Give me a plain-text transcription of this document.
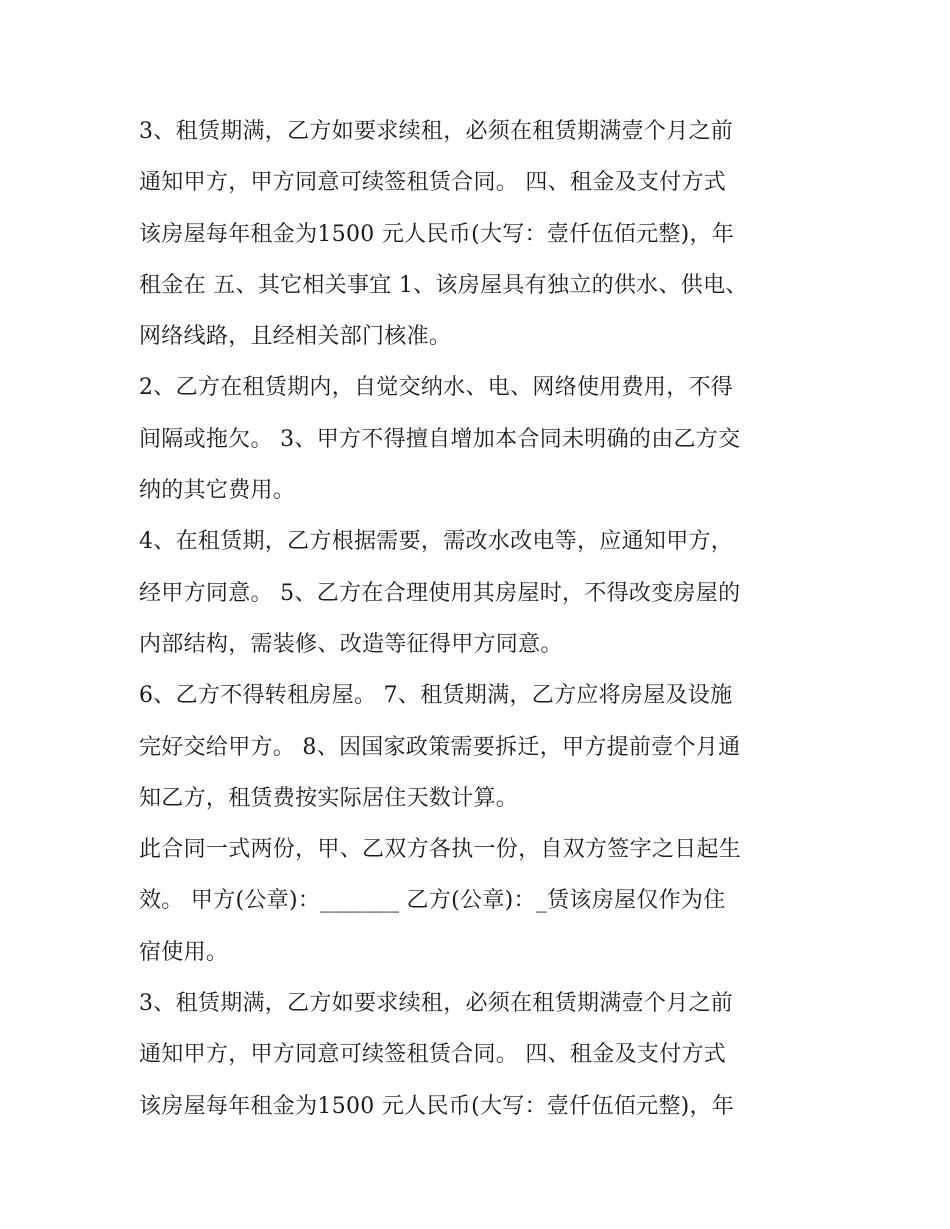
3、租赁期满，乙方如要求续租，必须在租赁期满壹个月之前
通知甲方，甲方同意可续签租赁合同。 四、租金及支付方式
该房屋每年租金为1500 元人民币(大写：壹仟伍佰元整)，年
租金在 五、其它相关事宜 1、该房屋具有独立的供水、供电、
网络线路，且经相关部门核准。
2、乙方在租赁期内，自觉交纳水、电、网络使用费用，不得
间隔或拖欠。 3、甲方不得擅自增加本合同未明确的由乙方交
纳的其它费用。
4、在租赁期，乙方根据需要，需改水改电等，应通知甲方，
经甲方同意。 5、乙方在合理使用其房屋时，不得改变房屋的
内部结构，需装修、改造等征得甲方同意。
6、乙方不得转租房屋。 7、租赁期满，乙方应将房屋及设施
完好交给甲方。 8、因国家政策需要拆迁，甲方提前壹个月通
知乙方，租赁费按实际居住天数计算。
此合同一式两份，甲、乙双方各执一份，自双方签字之日起生
效。 甲方(公章)：_______ 乙方(公章)：_赁该房屋仅作为住
宿使用。
3、租赁期满，乙方如要求续租，必须在租赁期满壹个月之前
通知甲方，甲方同意可续签租赁合同。 四、租金及支付方式
该房屋每年租金为1500 元人民币(大写：壹仟伍佰元整)，年
